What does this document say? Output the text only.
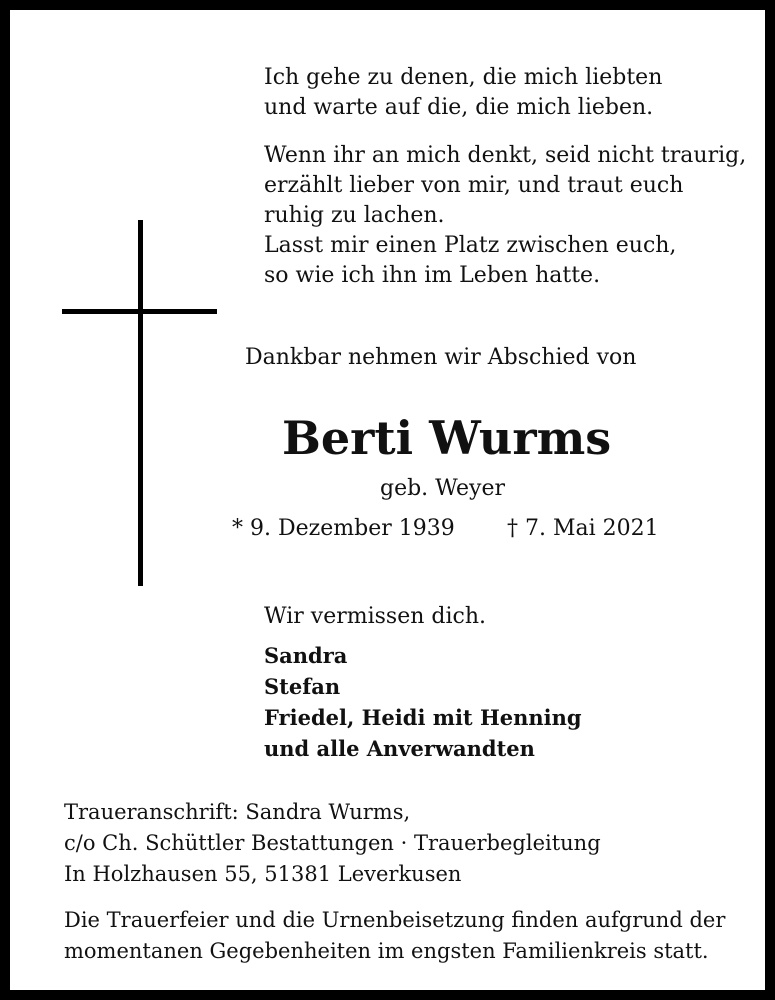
Ich gehe zu denen, die mich liebten
und warte auf die, die mich lieben.
Wenn ihr an mich denkt, seid nicht traurig,
erzählt lieber von mir, und traut euch
ruhig zu lachen.
Lasst mir einen Platz zwischen euch,
so wie ich ihn im Leben hatte.
Dankbar nehmen wir Abschied von
Berti Wurms
geb. Weyer
* 9. Dezember 1939 † 7. Mai 2021
Wir vermissen dich.
Sandra
Stefan
Friedel, Heidi mit Henning
und alle Anverwandten
Traueranschrift: Sandra Wurms,
c/o Ch. Schüttler Bestattungen · Trauerbegleitung
In Holzhausen 55, 51381 Leverkusen
Die Trauerfeier und die Urnenbeisetzung finden aufgrund der
momentanen Gegebenheiten im engsten Familienkreis statt.
